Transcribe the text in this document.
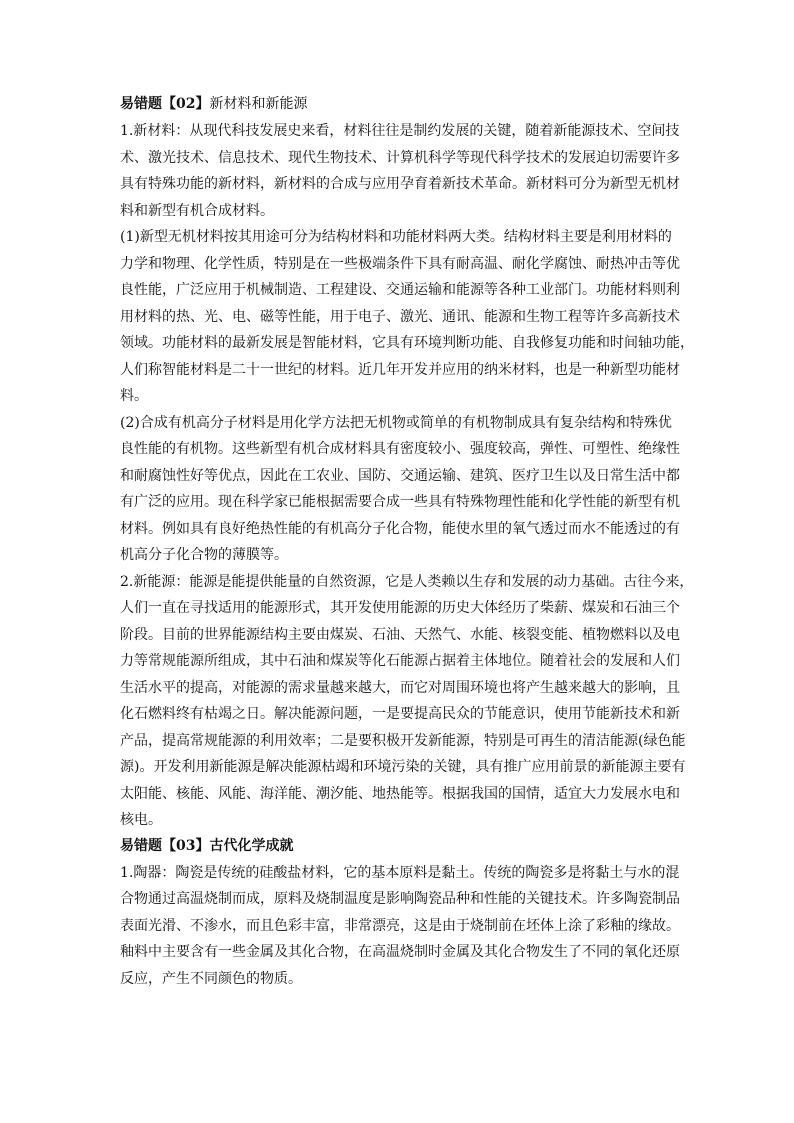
易错题【02】新材料和新能源

1.新材料：从现代科技发展史来看，材料往往是制约发展的关键，随着新能源技术、空间技
术、激光技术、信息技术、现代生物技术、计算机科学等现代科学技术的发展迫切需要许多
具有特殊功能的新材料，新材料的合成与应用孕育着新技术革命。新材料可分为新型无机材
料和新型有机合成材料。

(1)新型无机材料按其用途可分为结构材料和功能材料两大类。结构材料主要是利用材料的
力学和物理、化学性质，特别是在一些极端条件下具有耐高温、耐化学腐蚀、耐热冲击等优
良性能，广泛应用于机械制造、工程建设、交通运输和能源等各种工业部门。功能材料则利
用材料的热、光、电、磁等性能，用于电子、激光、通讯、能源和生物工程等许多高新技术
领域。功能材料的最新发展是智能材料，它具有环境判断功能、自我修复功能和时间轴功能，
人们称智能材料是二十一世纪的材料。近几年开发并应用的纳米材料，也是一种新型功能材
料。

(2)合成有机高分子材料是用化学方法把无机物或简单的有机物制成具有复杂结构和特殊优
良性能的有机物。这些新型有机合成材料具有密度较小、强度较高，弹性、可塑性、绝缘性
和耐腐蚀性好等优点，因此在工农业、国防、交通运输、建筑、医疗卫生以及日常生活中都
有广泛的应用。现在科学家已能根据需要合成一些具有特殊物理性能和化学性能的新型有机
材料。例如具有良好绝热性能的有机高分子化合物，能使水里的氧气透过而水不能透过的有
机高分子化合物的薄膜等。

2.新能源：能源是能提供能量的自然资源，它是人类赖以生存和发展的动力基础。古往今来，
人们一直在寻找适用的能源形式，其开发使用能源的历史大体经历了柴薪、煤炭和石油三个
阶段。目前的世界能源结构主要由煤炭、石油、天然气、水能、核裂变能、植物燃料以及电
力等常规能源所组成，其中石油和煤炭等化石能源占据着主体地位。随着社会的发展和人们
生活水平的提高，对能源的需求量越来越大，而它对周围环境也将产生越来越大的影响，且
化石燃料终有枯竭之日。解决能源问题，一是要提高民众的节能意识，使用节能新技术和新
产品，提高常规能源的利用效率；二是要积极开发新能源，特别是可再生的清洁能源(绿色能
源)。开发利用新能源是解决能源枯竭和环境污染的关键，具有推广应用前景的新能源主要有
太阳能、核能、风能、海洋能、潮汐能、地热能等。根据我国的国情，适宜大力发展水电和
核电。

易错题【03】古代化学成就

1.陶器：陶瓷是传统的硅酸盐材料，它的基本原料是黏土。传统的陶瓷多是将黏土与水的混
合物通过高温烧制而成，原料及烧制温度是影响陶瓷品种和性能的关键技术。许多陶瓷制品
表面光滑、不渗水，而且色彩丰富，非常漂亮，这是由于烧制前在坯体上涂了彩釉的缘故。
釉料中主要含有一些金属及其化合物，在高温烧制时金属及其化合物发生了不同的氧化还原
反应，产生不同颜色的物质。
